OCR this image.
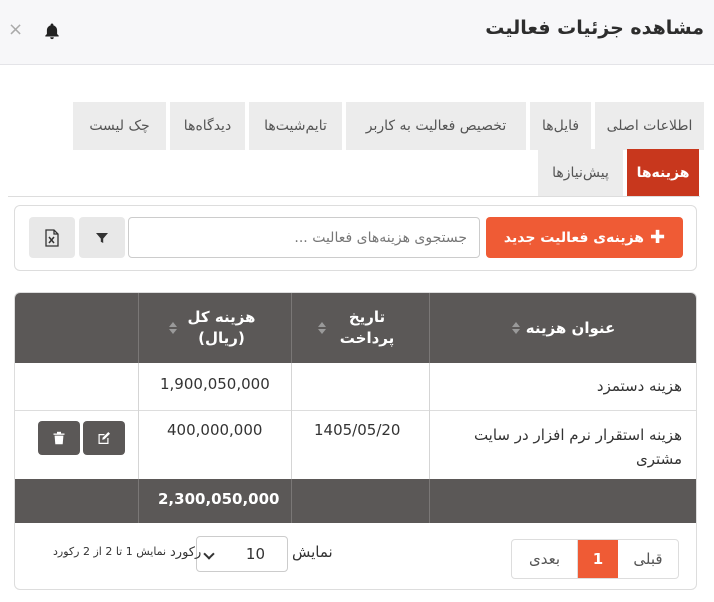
مشاهده جزئیات فعالیت
×
اطلاعات اصلی
فایل‌ها
تخصیص فعالیت به کاربر
تایم‌شیت‌ها
دیدگاه‌ها
چک لیست
هزینه‌ها
پیش‌نیازها
✚
هزینه‌ی فعالیت جدید
جستجوی هزینه‌های فعالیت ...
عنوان هزینه
تاریخ پرداخت
هزینه کل (ریال)
هزینه دستمزد
1,900,050,000
هزینه استقرار نرم افزار در سایت مشتری
1405/05/20
400,000,000
2,300,050,000
قبلی
1
بعدی
نمایش
10
رکورد
نمایش 1 تا 2 از 2 رکورد
